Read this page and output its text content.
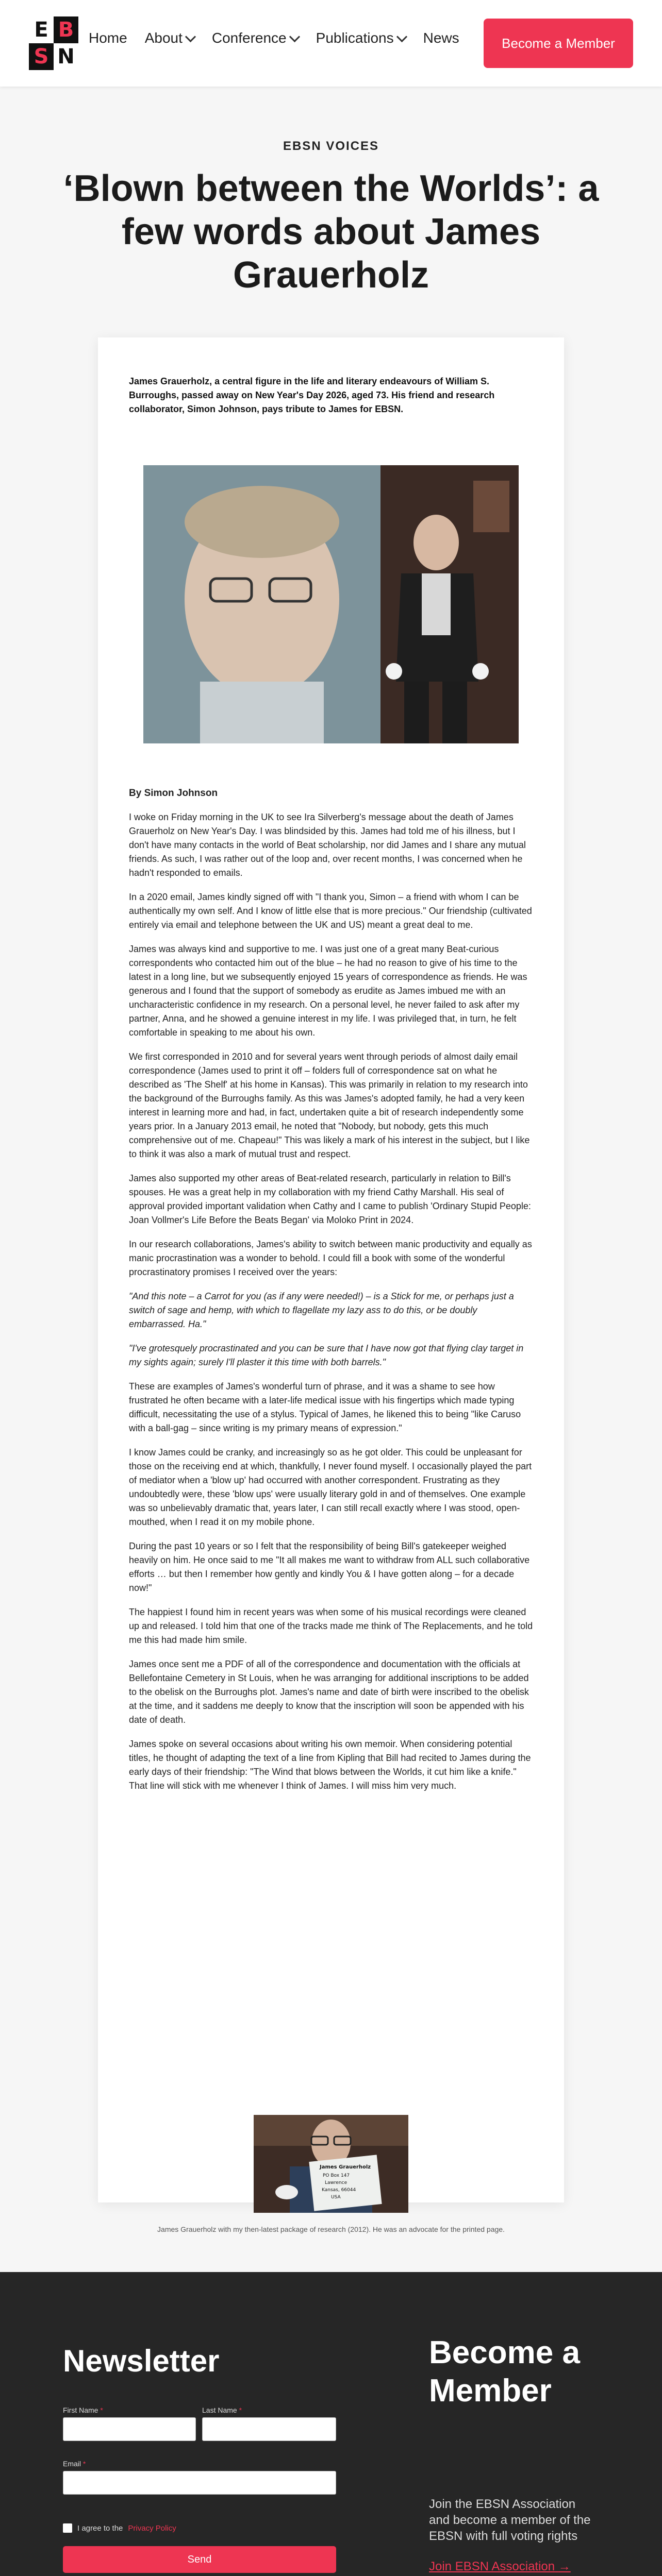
E B
S N
Home About Conference Publications News	Become a Member
EBSN VOICES
‘Blown between the Worlds’: a few words about James Grauerholz
James Grauerholz, a central figure in the life and literary endeavours of William S. Burroughs, passed away on New Year's Day 2026, aged 73. His friend and research collaborator, Simon Johnson, pays tribute to James for EBSN.
By Simon Johnson

I woke on Friday morning in the UK to see Ira Silverberg's message about the death of James Grauerholz on New Year's Day. I was blindsided by this. James had told me of his illness, but I don't have many contacts in the world of Beat scholarship, nor did James and I share any mutual friends. As such, I was rather out of the loop and, over recent months, I was concerned when he hadn't responded to emails.

In a 2020 email, James kindly signed off with "I thank you, Simon – a friend with whom I can be authentically my own self. And I know of little else that is more precious." Our friendship (cultivated entirely via email and telephone between the UK and US) meant a great deal to me.

James was always kind and supportive to me. I was just one of a great many Beat-curious correspondents who contacted him out of the blue – he had no reason to give of his time to the latest in a long line, but we subsequently enjoyed 15 years of correspondence as friends. He was generous and I found that the support of somebody as erudite as James imbued me with an uncharacteristic confidence in my research. On a personal level, he never failed to ask after my partner, Anna, and he showed a genuine interest in my life. I was privileged that, in turn, he felt comfortable in speaking to me about his own.

We first corresponded in 2010 and for several years went through periods of almost daily email correspondence (James used to print it off – folders full of correspondence sat on what he described as 'The Shelf' at his home in Kansas). This was primarily in relation to my research into the background of the Burroughs family. As this was James's adopted family, he had a very keen interest in learning more and had, in fact, undertaken quite a bit of research independently some years prior. In a January 2013 email, he noted that "Nobody, but nobody, gets this much comprehensive out of me. Chapeau!" This was likely a mark of his interest in the subject, but I like to think it was also a mark of mutual trust and respect.

James also supported my other areas of Beat-related research, particularly in relation to Bill's spouses. He was a great help in my collaboration with my friend Cathy Marshall. His seal of approval provided important validation when Cathy and I came to publish 'Ordinary Stupid People: Joan Vollmer's Life Before the Beats Began' via Moloko Print in 2024.

In our research collaborations, James's ability to switch between manic productivity and equally as manic procrastination was a wonder to behold. I could fill a book with some of the wonderful procrastinatory promises I received over the years:

"And this note – a Carrot for you (as if any were needed!) – is a Stick for me, or perhaps just a switch of sage and hemp, with which to flagellate my lazy ass to do this, or be doubly embarrassed. Ha."

"I've grotesquely procrastinated and you can be sure that I have now got that flying clay target in my sights again; surely I'll plaster it this time with both barrels."

These are examples of James's wonderful turn of phrase, and it was a shame to see how frustrated he often became with a later-life medical issue with his fingertips which made typing difficult, necessitating the use of a stylus. Typical of James, he likened this to being "like Caruso with a ball-gag – since writing is my primary means of expression."

I know James could be cranky, and increasingly so as he got older. This could be unpleasant for those on the receiving end at which, thankfully, I never found myself. I occasionally played the part of mediator when a 'blow up' had occurred with another correspondent. Frustrating as they undoubtedly were, these 'blow ups' were usually literary gold in and of themselves. One example was so unbelievably dramatic that, years later, I can still recall exactly where I was stood, open-mouthed, when I read it on my mobile phone.

During the past 10 years or so I felt that the responsibility of being Bill's gatekeeper weighed heavily on him. He once said to me "It all makes me want to withdraw from ALL such collaborative efforts … but then I remember how gently and kindly You & I have gotten along – for a decade now!"

The happiest I found him in recent years was when some of his musical recordings were cleaned up and released. I told him that one of the tracks made me think of The Replacements, and he told me this had made him smile.

James once sent me a PDF of all of the correspondence and documentation with the officials at Bellefontaine Cemetery in St Louis, when he was arranging for additional inscriptions to be added to the obelisk on the Burroughs plot. James's name and date of birth were inscribed to the obelisk at the time, and it saddens me deeply to know that the inscription will soon be appended with his date of death.

James spoke on several occasions about writing his own memoir. When considering potential titles, he thought of adapting the text of a line from Kipling that Bill had recited to James during the early days of their friendship: "The Wind that blows between the Worlds, it cut him like a knife." That line will stick with me whenever I think of James. I will miss him very much.

James Grauerholz
PO Box 147
Lawrence
Kansas, 66044
USA
James Grauerholz with my then-latest package of research (2012). He was an advocate for the printed page.
Newsletter
First Name *	Last Name *
Email *
I agree to the Privacy Policy
Send
Become a Member
Join the EBSN Association and become a member of the EBSN with full voting rights
Join EBSN Association →
